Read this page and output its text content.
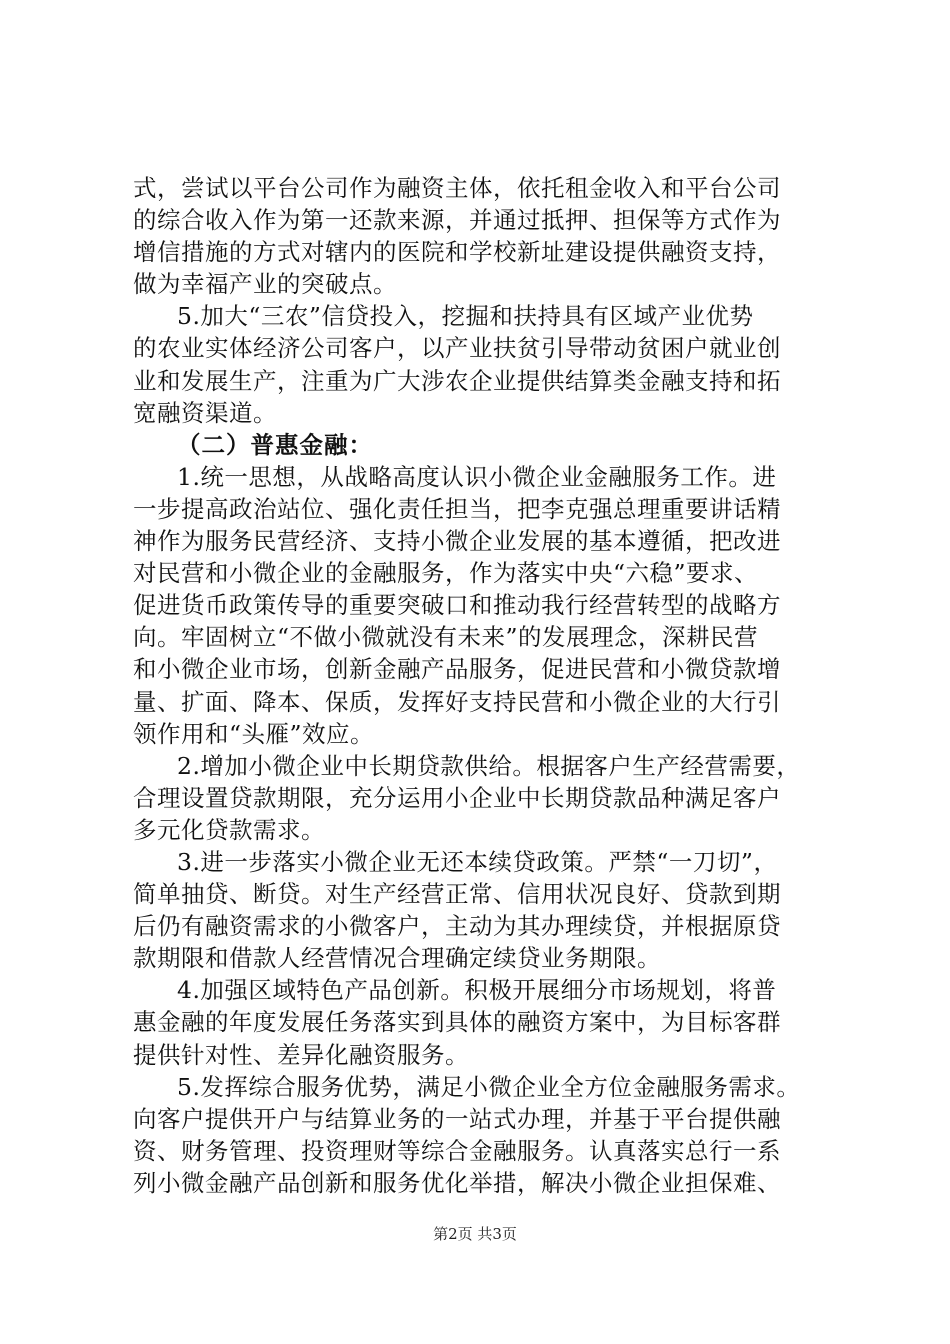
式，尝试以平台公司作为融资主体，依托租金收入和平台公司
的综合收入作为第一还款来源，并通过抵押、担保等方式作为
增信措施的方式对辖内的医院和学校新址建设提供融资支持，
做为幸福产业的突破点。
5.加大“三农”信贷投入，挖掘和扶持具有区域产业优势
的农业实体经济公司客户，以产业扶贫引导带动贫困户就业创
业和发展生产，注重为广大涉农企业提供结算类金融支持和拓
宽融资渠道。
（二）普惠金融：
1.统一思想，从战略高度认识小微企业金融服务工作。进
一步提高政治站位、强化责任担当，把李克强总理重要讲话精
神作为服务民营经济、支持小微企业发展的基本遵循，把改进
对民营和小微企业的金融服务，作为落实中央“六稳”要求、
促进货币政策传导的重要突破口和推动我行经营转型的战略方
向。牢固树立“不做小微就没有未来”的发展理念，深耕民营
和小微企业市场，创新金融产品服务，促进民营和小微贷款增
量、扩面、降本、保质，发挥好支持民营和小微企业的大行引
领作用和“头雁”效应。
2.增加小微企业中长期贷款供给。根据客户生产经营需要，
合理设置贷款期限，充分运用小企业中长期贷款品种满足客户
多元化贷款需求。
3.进一步落实小微企业无还本续贷政策。严禁“一刀切”，
简单抽贷、断贷。对生产经营正常、信用状况良好、贷款到期
后仍有融资需求的小微客户，主动为其办理续贷，并根据原贷
款期限和借款人经营情况合理确定续贷业务期限。
4.加强区域特色产品创新。积极开展细分市场规划，将普
惠金融的年度发展任务落实到具体的融资方案中，为目标客群
提供针对性、差异化融资服务。
5.发挥综合服务优势，满足小微企业全方位金融服务需求。
向客户提供开户与结算业务的一站式办理，并基于平台提供融
资、财务管理、投资理财等综合金融服务。认真落实总行一系
列小微金融产品创新和服务优化举措，解决小微企业担保难、
第2页 共3页
